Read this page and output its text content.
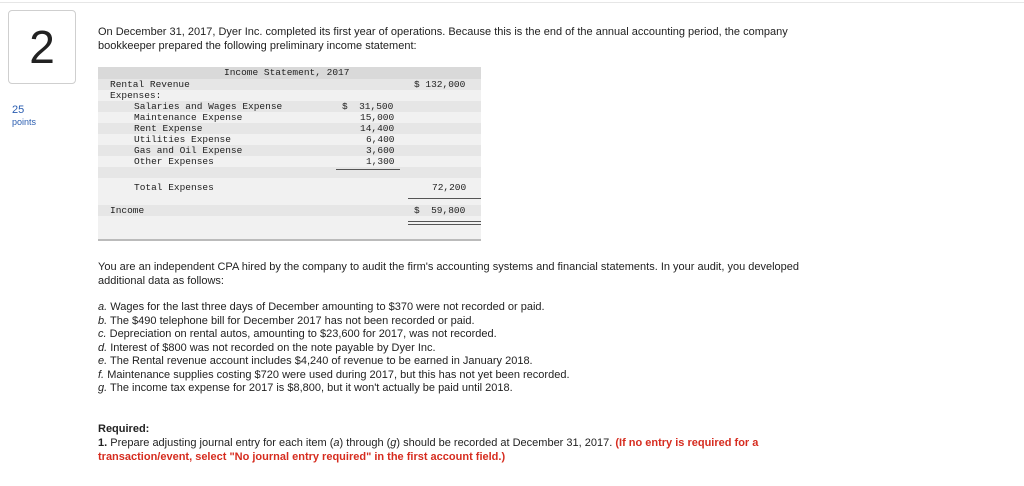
2
25
points
On December 31, 2017, Dyer Inc. completed its first year of operations. Because this is the end of the annual accounting period, the company bookkeeper prepared the following preliminary income statement:
Income Statement, 2017
Rental Revenue	$ 132,000
Expenses:
Salaries and Wages Expense	$  31,500
Maintenance Expense	15,000
Rent Expense	14,400
Utilities Expense	6,400
Gas and Oil Expense	3,600
Other Expenses	1,300
Total Expenses	72,200
Income	$  59,800
You are an independent CPA hired by the company to audit the firm's accounting systems and financial statements. In your audit, you developed additional data as follows:
a. Wages for the last three days of December amounting to $370 were not recorded or paid.
b. The $490 telephone bill for December 2017 has not been recorded or paid.
c. Depreciation on rental autos, amounting to $23,600 for 2017, was not recorded.
d. Interest of $800 was not recorded on the note payable by Dyer Inc.
e. The Rental revenue account includes $4,240 of revenue to be earned in January 2018.
f. Maintenance supplies costing $720 were used during 2017, but this has not yet been recorded.
g. The income tax expense for 2017 is $8,800, but it won't actually be paid until 2018.
Required:
1. Prepare adjusting journal entry for each item (a) through (g) should be recorded at December 31, 2017. (If no entry is required for a transaction/event, select "No journal entry required" in the first account field.)
